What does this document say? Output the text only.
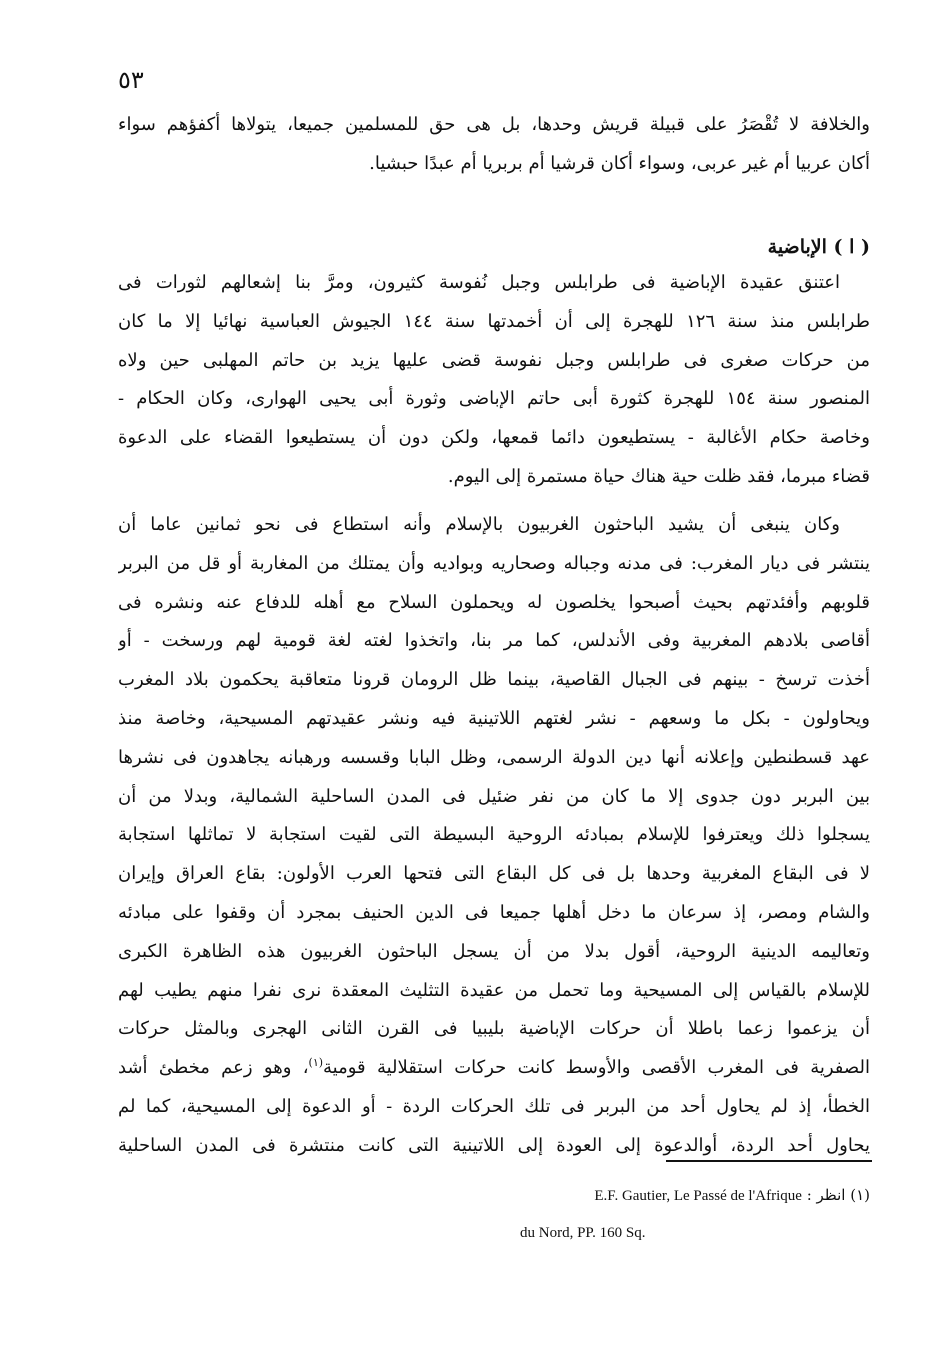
٥٣
والخلافة لا تُقْصَرُ على قبيلة قريش وحدها، بل هى حق للمسلمين جميعا، يتولاها أكفؤهم سواء
أكان عربيا أم غير عربى، وسواء أكان قرشيا أم بربريا أم عبدًا حبشيا.
( ا ) الإباضية
اعتنق عقيدة الإباضية فى طرابلس وجبل نُفوسة كثيرون، ومرَّ بنا إشعالهم لثورات فى
طرابلس منذ سنة ١٢٦ للهجرة إلى أن أخمدتها سنة ١٤٤ الجيوش العباسية نهائيا إلا ما كان
من حركات صغرى فى طرابلس وجبل نفوسة قضى عليها يزيد بن حاتم المهلبى حين ولاه
المنصور سنة ١٥٤ للهجرة كثورة أبى حاتم الإباضى وثورة أبى يحيى الهوارى، وكان الحكام -
وخاصة حكام الأغالبة - يستطيعون دائما قمعها، ولكن دون أن يستطيعوا القضاء على الدعوة
قضاء مبرما، فقد ظلت حية هناك حياة مستمرة إلى اليوم.
وكان ينبغى أن يشيد الباحثون الغربيون بالإسلام وأنه استطاع فى نحو ثمانين عاما أن
ينتشر فى ديار المغرب: فى مدنه وجباله وصحاريه وبواديه وأن يمتلك من المغاربة أو قل من البربر
قلوبهم وأفئدتهم بحيث أصبحوا يخلصون له ويحملون السلاح مع أهله للدفاع عنه ونشره فى
أقاصى بلادهم المغربية وفى الأندلس، كما مر بنا، واتخذوا لغته لغة قومية لهم ورسخت - أو
أخذت ترسخ - بينهم فى الجبال القاصية، بينما ظل الرومان قرونا متعاقبة يحكمون بلاد المغرب
ويحاولون - بكل ما وسعهم - نشر لغتهم اللاتينية فيه ونشر عقيدتهم المسيحية، وخاصة منذ
عهد قسطنطين وإعلانه أنها دين الدولة الرسمى، وظل البابا وقسسه ورهبانه يجاهدون فى نشرها
بين البربر دون جدوى إلا ما كان من نفر ضئيل فى المدن الساحلية الشمالية، وبدلا من أن
يسجلوا ذلك ويعترفوا للإسلام بمبادئه الروحية البسيطة التى لقيت استجابة لا تماثلها استجابة
لا فى البقاع المغربية وحدها بل فى كل البقاع التى فتحها العرب الأولون: بقاع العراق وإيران
والشام ومصر، إذ سرعان ما دخل أهلها جميعا فى الدين الحنيف بمجرد أن وقفوا على مبادئه
وتعاليمه الدينية الروحية، أقول بدلا من أن يسجل الباحثون الغربيون هذه الظاهرة الكبرى
للإسلام بالقياس إلى المسيحية وما تحمل من عقيدة التثليث المعقدة نرى نفرا منهم يطيب لهم
أن يزعموا زعما باطلا أن حركات الإباضية بليبيا فى القرن الثانى الهجرى وبالمثل حركات
الصفرية فى المغرب الأقصى والأوسط كانت حركات استقلالية قومية$^{(١)}$، وهو زعم مخطئ أشد
الخطأ، إذ لم يحاول أحد من البربر فى تلك الحركات الردة - أو الدعوة إلى المسيحية، كما لم
يحاول أحد الردة، أوالدعوة إلى العودة إلى اللاتينية التى كانت منتشرة فى المدن الساحلية
(١) انظر : E.F. Gautier, Le Passé de l'Afrique
du Nord, PP. 160 Sq.
